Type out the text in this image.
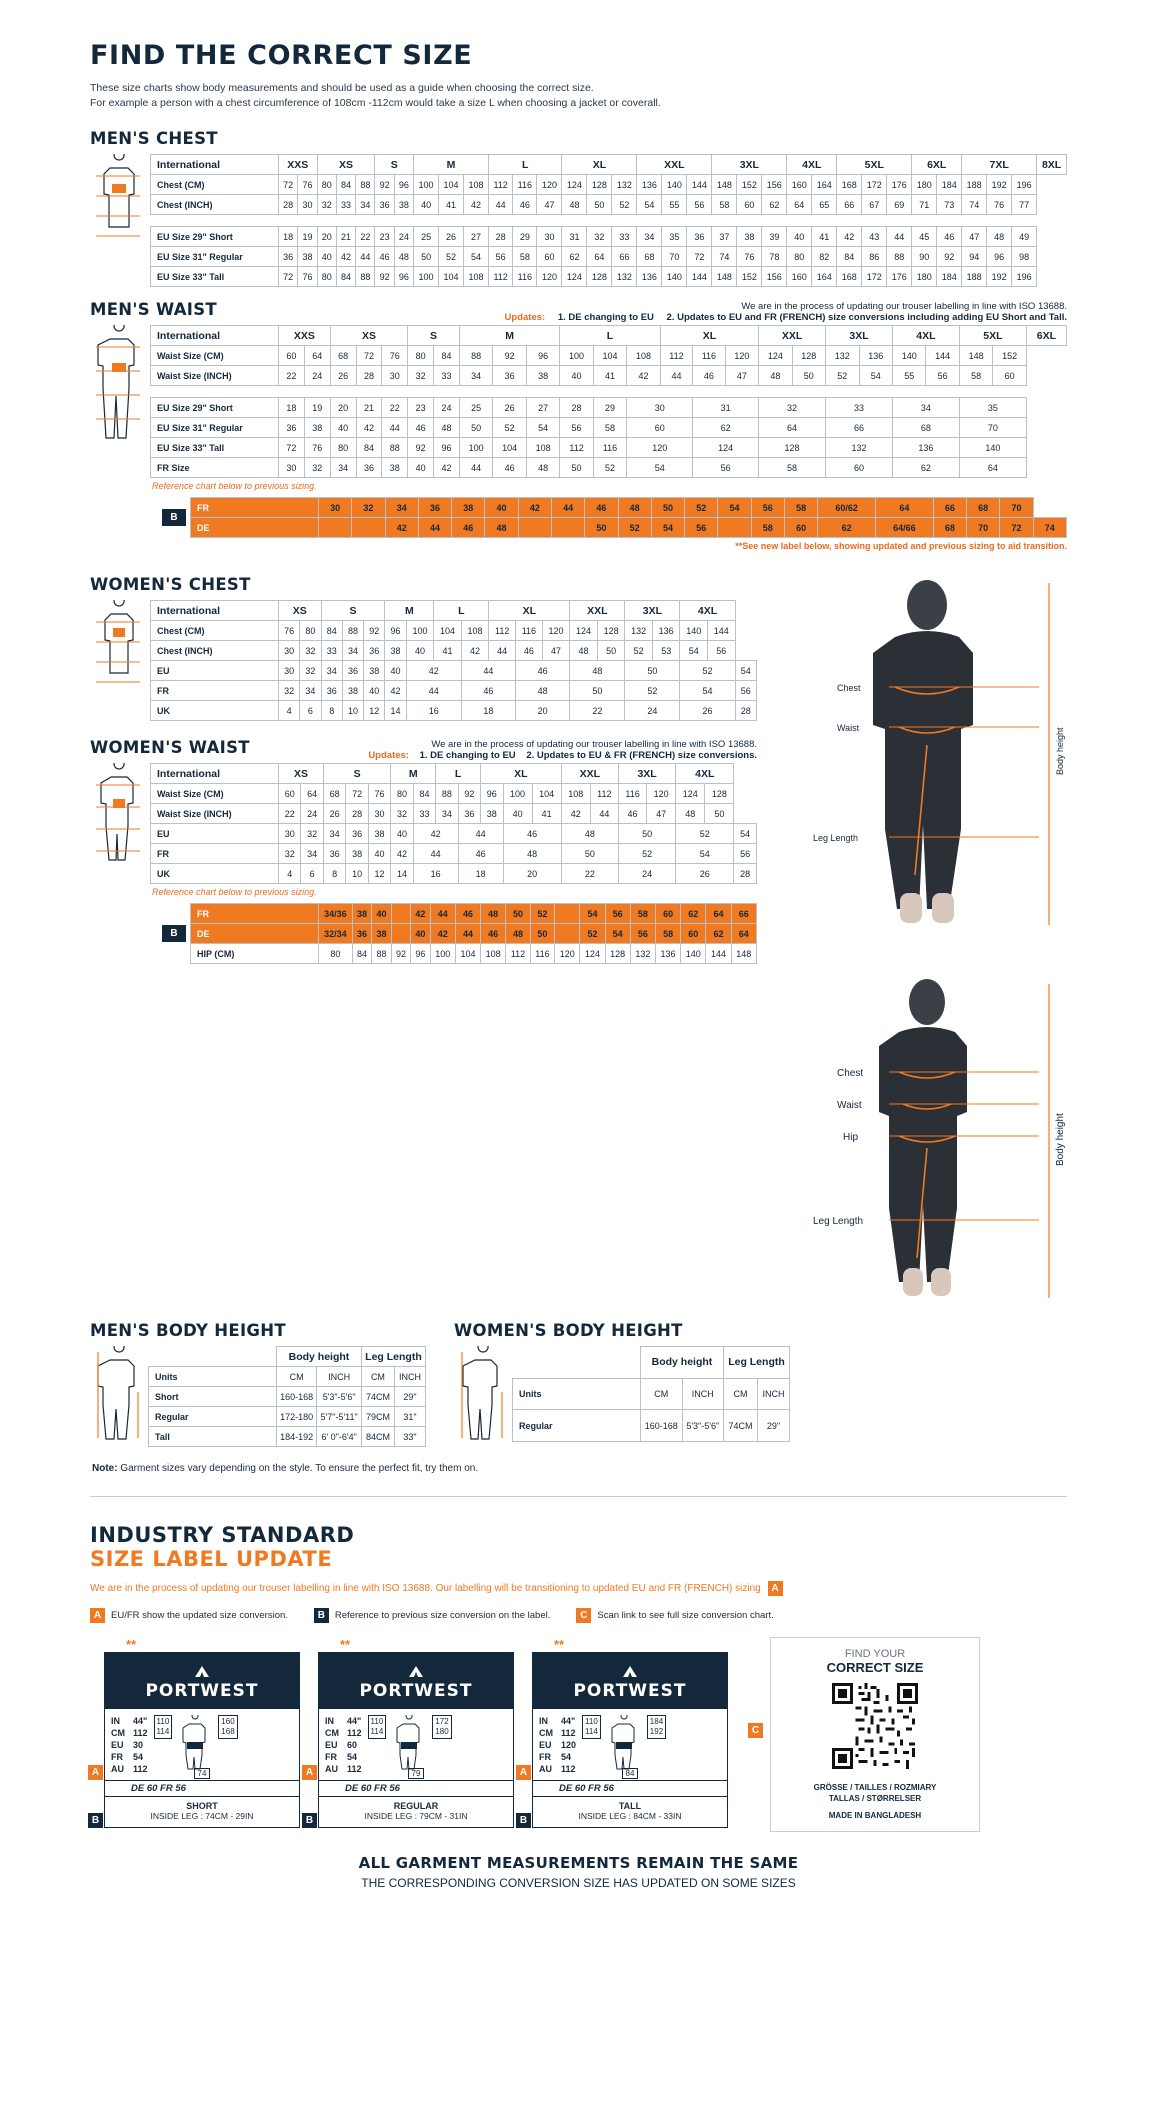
FIND THE CORRECT SIZE
These size charts show body measurements and should be used as a guide when choosing the correct size.
For example a person with a chest circumference of 108cm -112cm would take a size L when choosing a jacket or coverall.
MEN'S CHEST
International	XXS		XS			S		M			L			XL			XXL			3XL			4XL		5XL			6XL		7XL			8XL
Chest (CM)	72	76	80	84	88	92	96	100	104	108	112	116	120	124	128	132	136	140	144	148	152	156	160	164	168	172	176	180	184	188	192	196	
Chest (INCH)	28	30	32	33	34	36	38	40	41	42	44	46	47	48	50	52	54	55	56	58	60	62	64	65	66	67	69	71	73	74	76	77	

EU Size 29" Short	18	19	20	21	22	23	24	25	26	27	28	29	30	31	32	33	34	35	36	37	38	39	40	41	42	43	44	45	46	47	48	49	
EU Size 31" Regular	36	38	40	42	44	46	48	50	52	54	56	58	60	62	64	66	68	70	72	74	76	78	80	82	84	86	88	90	92	94	96	98	
EU Size 33" Tall	72	76	80	84	88	92	96	100	104	108	112	116	120	124	128	132	136	140	144	148	152	156	160	164	168	172	176	180	184	188	192	196	
MEN'S WAIST	We are in the process of updating our trouser labelling in line with ISO 13688.
Updates: 1. DE changing to EU 2. Updates to EU and FR (FRENCH) size conversions including adding EU Short and Tall.
International	XXS		XS			S		M			L			XL			XXL		3XL		4XL		5XL		6XL
Waist Size (CM)	60	64	68	72	76	80	84	88	92	96	100	104	108	112	116	120	124	128	132	136	140	144	148	152	
Waist Size (INCH)	22	24	26	28	30	32	33	34	36	38	40	41	42	44	46	47	48	50	52	54	55	56	58	60	

EU Size 29" Short	18	19	20	21	22	23	24	25	26	27	28	29	30		31		32		33		34		35		
EU Size 31" Regular	36	38	40	42	44	46	48	50	52	54	56	58	60		62		64		66		68		70		
EU Size 33" Tall	72	76	80	84	88	92	96	100	104	108	112	116	120		124		128		132		136		140		
FR Size	30	32	34	36	38	40	42	44	46	48	50	52	54		56		58		60		62		64		
Reference chart below to previous sizing.
B
FR	30	32	34	36	38	40	42	44	46	48	50	52	54	56	58	60/62	64	66	68	70	
DE			42	44	46	48			50	52	54	56		58	60	62	64/66	68	70	72	74
**See new label below, showing updated and previous sizing to aid transition.
WOMEN'S CHEST
International	XS		S			M		L		XL			XXL		3XL		4XL		
Chest (CM)	76	80	84	88	92	96	100	104	108	112	116	120	124	128	132	136	140	144	
Chest (INCH)	30	32	33	34	36	38	40	41	42	44	46	47	48	50	52	53	54	56	
EU	30	32	34	36	38	40	42		44		46		48		50		52		54
FR	32	34	36	38	40	42	44		46		48		50		52		54		56
UK	4	6	8	10	12	14	16		18		20		22		24		26		28
WOMEN'S WAIST	We are in the process of updating our trouser labelling in line with ISO 13688.
Updates: 1. DE changing to EU 2. Updates to EU & FR (FRENCH) size conversions.
International	XS		S			M		L		XL			XXL		3XL		4XL		
Waist Size (CM)	60	64	68	72	76	80	84	88	92	96	100	104	108	112	116	120	124	128	
Waist Size (INCH)	22	24	26	28	30	32	33	34	36	38	40	41	42	44	46	47	48	50	
EU	30	32	34	36	38	40	42		44		46		48		50		52		54
FR	32	34	36	38	40	42	44		46		48		50		52		54		56
UK	4	6	8	10	12	14	16		18		20		22		24		26		28
Reference chart below to previous sizing.
B
FR	34/36	38	40		42	44	46	48	50	52		54	56	58	60	62	64	66
DE	32/34	36	38		40	42	44	46	48	50		52	54	56	58	60	62	64
HIP (CM)	80	84	88	92	96	100	104	108	112	116	120	124	128	132	136	140	144	148
Chest
Waist
Leg Length
Body height

Chest
Waist
Hip
Leg Length
Body height
MEN'S BODY HEIGHT
	Body height		Leg Length	
Units	CM	INCH	CM	INCH
Short	160-168	5'3"-5'6"	74CM	29"
Regular	172-180	5'7"-5'11"	79CM	31"
Tall	184-192	6' 0"-6'4"	84CM	33"
WOMEN'S BODY HEIGHT
	Body height		Leg Length	
Units	CM	INCH	CM	INCH
Regular	160-168	5'3"-5'6"	74CM	29"
Note: Garment sizes vary depending on the style. To ensure the perfect fit, try them on.
INDUSTRY STANDARD
SIZE LABEL UPDATE
We are in the process of updating our trouser labelling in line with ISO 13688. Our labelling will be transitioning to updated EU and FR (FRENCH) sizing A
A	EU/FR show the updated size conversion.	B	Reference to previous size conversion on the label.	C	Scan link to see full size conversion chart.
**
PORTWEST
IN	44"
CM 112
EU	30
FR	54
AU	112
110
114
160
168
74
DE 60 FR 56
SHORT
INSIDE LEG : 74CM - 29IN
A
B
**
PORTWEST
IN	44"
CM 112
EU	60
FR	54
AU	112
110
114
172
180
79
DE 60 FR 56
REGULAR
INSIDE LEG : 79CM - 31IN
A
B
**
PORTWEST
IN	44"
CM 112
EU	120
FR	54
AU	112
110
114
184
192
84
DE 60 FR 56
TALL
INSIDE LEG : 84CM - 33IN
A
B
C
FIND YOUR
CORRECT SIZE
GRÖSSE / TAILLES / ROZMIARY
TALLAS / STØRRELSER
MADE IN BANGLADESH
ALL GARMENT MEASUREMENTS REMAIN THE SAME
THE CORRESPONDING CONVERSION SIZE HAS UPDATED ON SOME SIZES
